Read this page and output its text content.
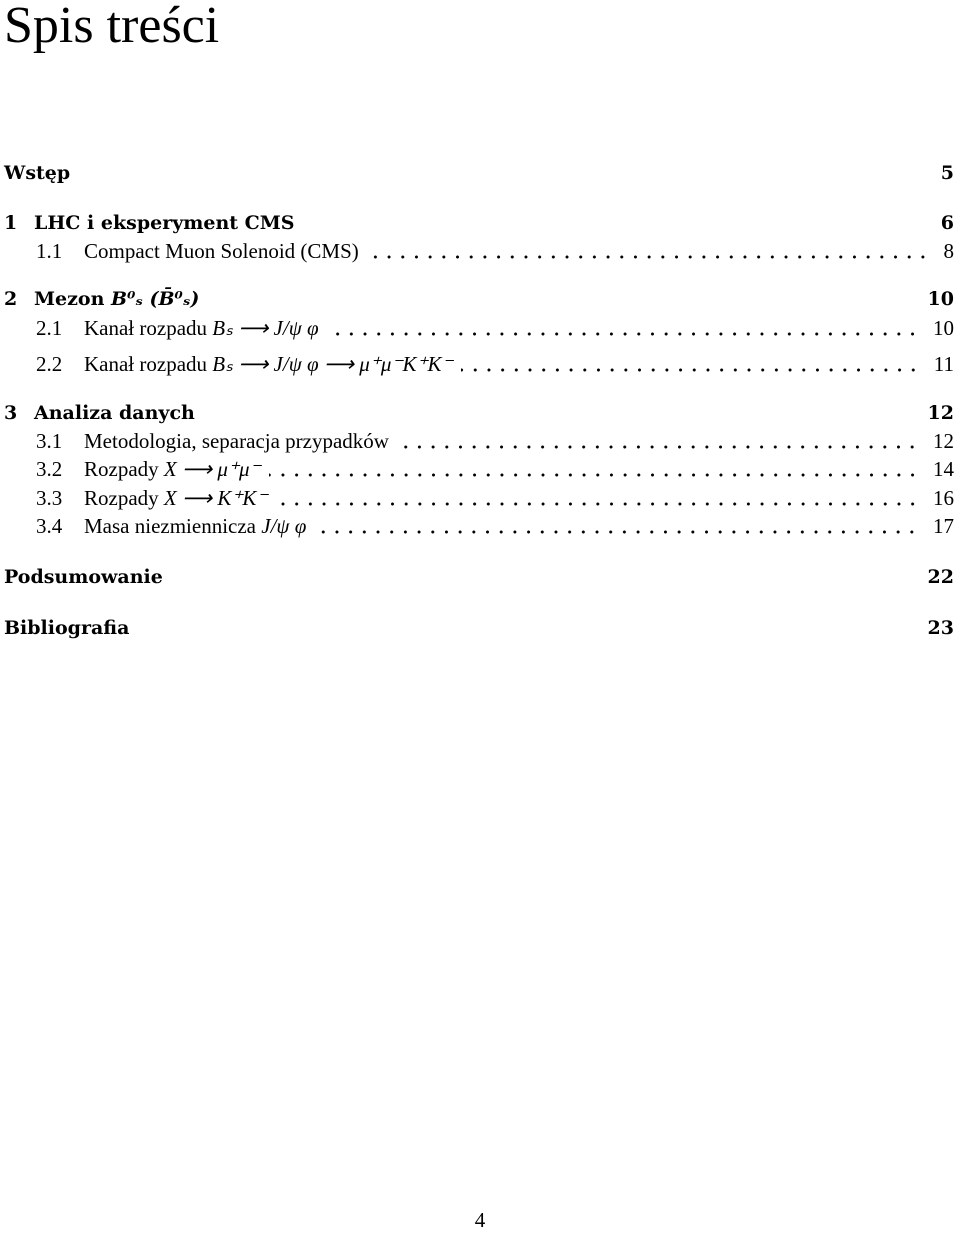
Spis treści
Wstęp	5
1 LHC i eksperyment CMS	6
1.1	Compact Muon Solenoid (CMS)	8
2 Mezon B⁰ₛ (B̄⁰ₛ)	10
2.1	Kanał rozpadu Bₛ ⟶ J/ψ φ	10
2.2	Kanał rozpadu Bₛ ⟶ J/ψ φ ⟶ μ⁺μ⁻K⁺K⁻	11
3 Analiza danych	12
3.1	Metodologia, separacja przypadków	12
3.2	Rozpady X ⟶ μ⁺μ⁻	14
3.3	Rozpady X ⟶ K⁺K⁻	16
3.4	Masa niezmiennicza J/ψ φ	17
Podsumowanie	22
Bibliografia	23
4
